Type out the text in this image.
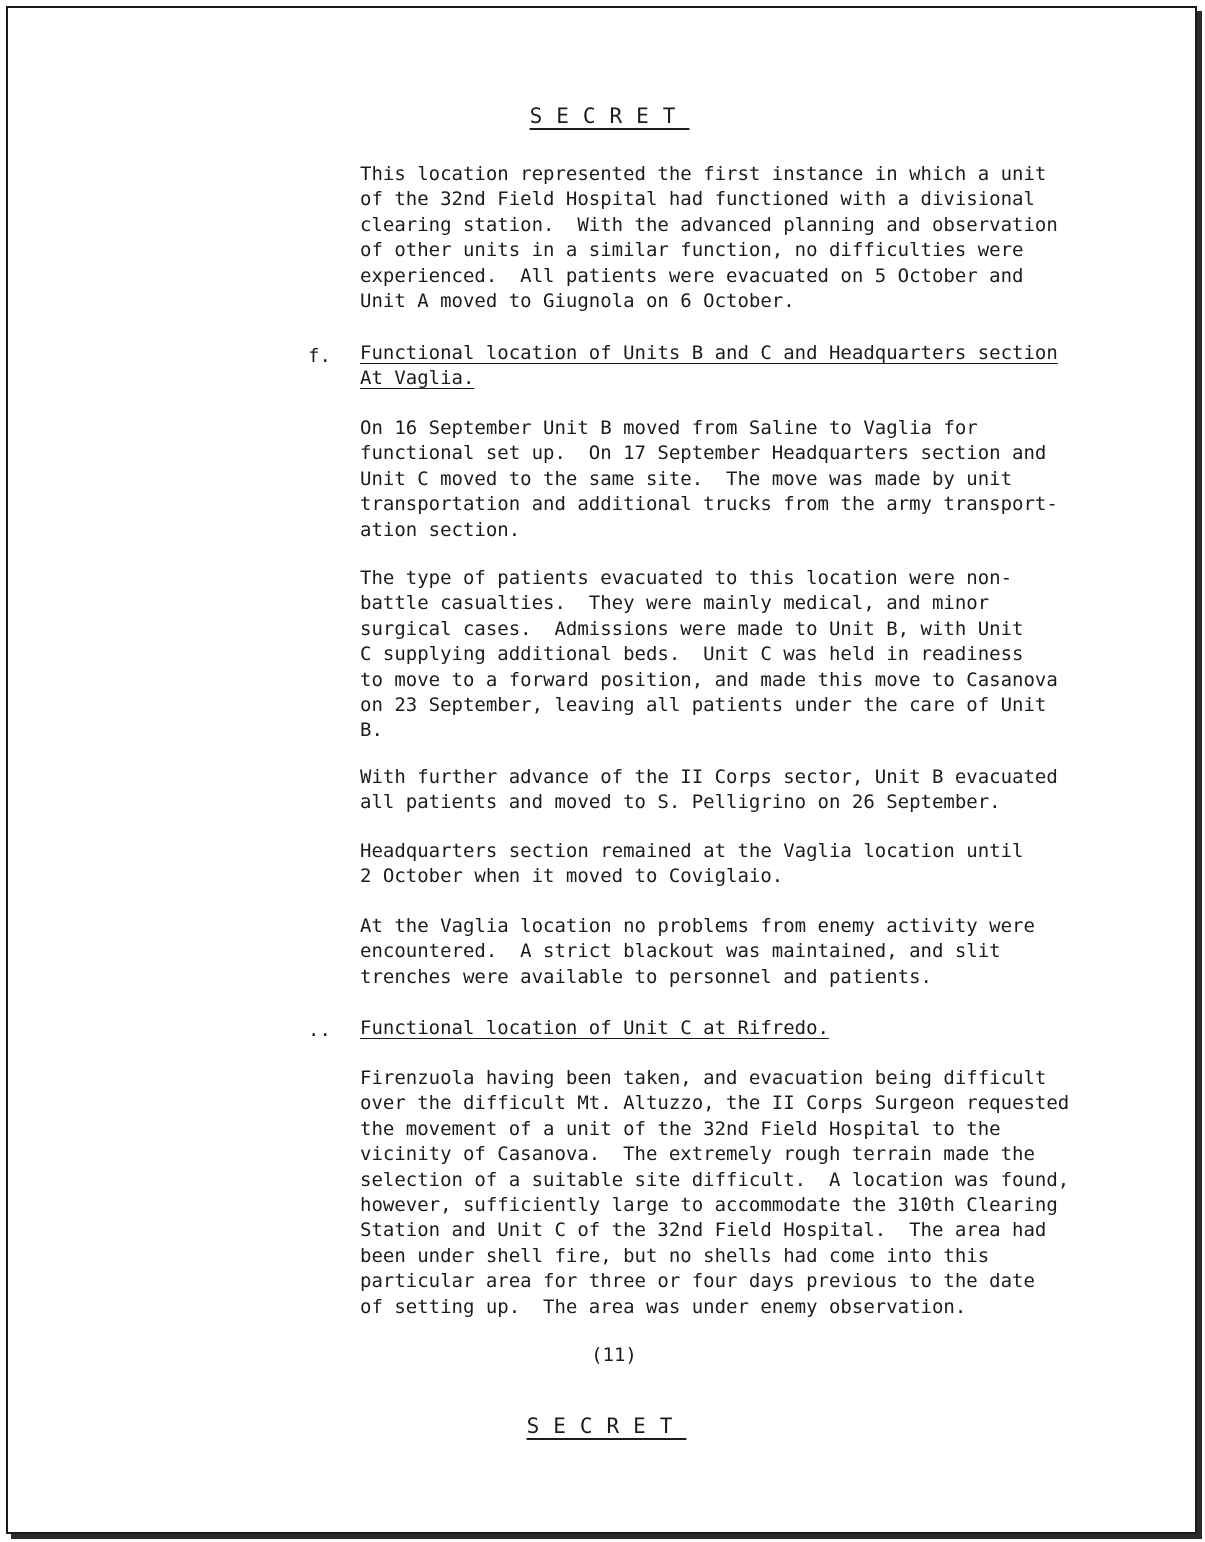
SECRET

This location represented the first instance in which a unit
of the 32nd Field Hospital had functioned with a divisional
clearing station.  With the advanced planning and observation
of other units in a similar function, no difficulties were
experienced.  All patients were evacuated on 5 October and
Unit A moved to Giugnola on 6 October.

f. Functional location of Units B and C and Headquarters section
At Vaglia.

On 16 September Unit B moved from Saline to Vaglia for
functional set up.  On 17 September Headquarters section and
Unit C moved to the same site.  The move was made by unit
transportation and additional trucks from the army transport-
ation section.

The type of patients evacuated to this location were non-
battle casualties.  They were mainly medical, and minor
surgical cases.  Admissions were made to Unit B, with Unit
C supplying additional beds.  Unit C was held in readiness
to move to a forward position, and made this move to Casanova
on 23 September, leaving all patients under the care of Unit
B.

With further advance of the II Corps sector, Unit B evacuated
all patients and moved to S. Pelligrino on 26 September.

Headquarters section remained at the Vaglia location until
2 October when it moved to Coviglaio.

At the Vaglia location no problems from enemy activity were
encountered.  A strict blackout was maintained, and slit
trenches were available to personnel and patients.

.. Functional location of Unit C at Rifredo.

Firenzuola having been taken, and evacuation being difficult
over the difficult Mt. Altuzzo, the II Corps Surgeon requested
the movement of a unit of the 32nd Field Hospital to the
vicinity of Casanova.  The extremely rough terrain made the
selection of a suitable site difficult.  A location was found,
however, sufficiently large to accommodate the 310th Clearing
Station and Unit C of the 32nd Field Hospital.  The area had
been under shell fire, but no shells had come into this
particular area for three or four days previous to the date
of setting up.  The area was under enemy observation.

(11)
SECRET
